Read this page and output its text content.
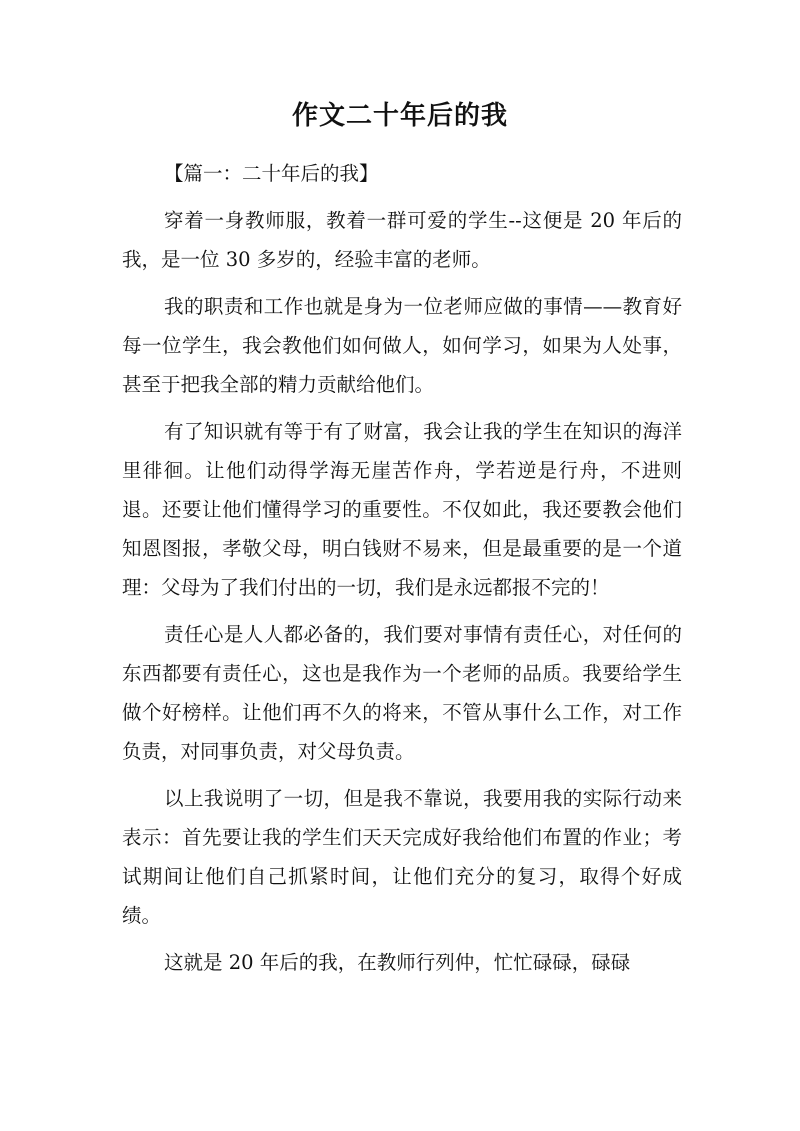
作文二十年后的我

【篇一：二十年后的我】

穿着一身教师服，教着一群可爱的学生--这便是 20 年后的我，是一位 30 多岁的，经验丰富的老师。

我的职责和工作也就是身为一位老师应做的事情——教育好每一位学生，我会教他们如何做人，如何学习，如果为人处事，甚至于把我全部的精力贡献给他们。

有了知识就有等于有了财富，我会让我的学生在知识的海洋里徘徊。让他们动得学海无崖苦作舟，学若逆是行舟，不进则退。还要让他们懂得学习的重要性。不仅如此，我还要教会他们知恩图报，孝敬父母，明白钱财不易来，但是最重要的是一个道理：父母为了我们付出的一切，我们是永远都报不完的！

责任心是人人都必备的，我们要对事情有责任心，对任何的东西都要有责任心，这也是我作为一个老师的品质。我要给学生做个好榜样。让他们再不久的将来，不管从事什么工作，对工作负责，对同事负责，对父母负责。

以上我说明了一切，但是我不靠说，我要用我的实际行动来表示：首先要让我的学生们天天完成好我给他们布置的作业；考试期间让他们自己抓紧时间，让他们充分的复习，取得个好成绩。

这就是 20 年后的我，在教师行列仲，忙忙碌碌，碌碌
